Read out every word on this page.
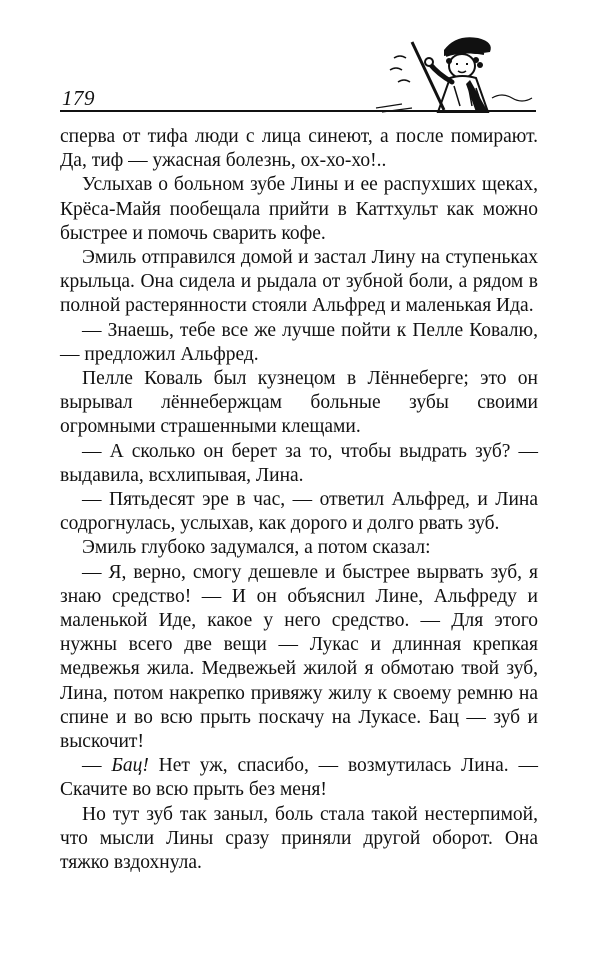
179

сперва от тифа люди с лица синеют, а после помирают. Да, тиф — ужасная болезнь, ох-хо-хо!..

Услыхав о больном зубе Лины и ее распухших щеках, Крёса-Майя пообещала прийти в Каттхульт как можно быстрее и помочь сварить кофе.

Эмиль отправился домой и застал Лину на ступеньках крыльца. Она сидела и рыдала от зубной боли, а рядом в полной растерянности стояли Альфред и маленькая Ида.

— Знаешь, тебе все же лучше пойти к Пелле Ковалю, — предложил Альфред.

Пелле Коваль был кузнецом в Лённеберге; это он вырывал лённебержцам больные зубы своими огромными страшенными клещами.

— А сколько он берет за то, чтобы выдрать зуб? — выдавила, всхлипывая, Лина.

— Пятьдесят эре в час, — ответил Альфред, и Лина содрогнулась, услыхав, как дорого и долго рвать зуб.

Эмиль глубоко задумался, а потом сказал:

— Я, верно, смогу дешевле и быстрее вырвать зуб, я знаю средство! — И он объяснил Лине, Альфреду и маленькой Иде, какое у него средство. — Для этого нужны всего две вещи — Лукас и длинная крепкая медвежья жила. Медвежьей жилой я обмотаю твой зуб, Лина, потом накрепко привяжу жилу к своему ремню на спине и во всю прыть поскачу на Лукасе. Бац — зуб и выскочит!

— Бац! Нет уж, спасибо, — возмутилась Лина. — Скачите во всю прыть без меня!

Но тут зуб так заныл, боль стала такой нестерпимой, что мысли Лины сразу приняли другой оборот. Она тяжко вздохнула.
